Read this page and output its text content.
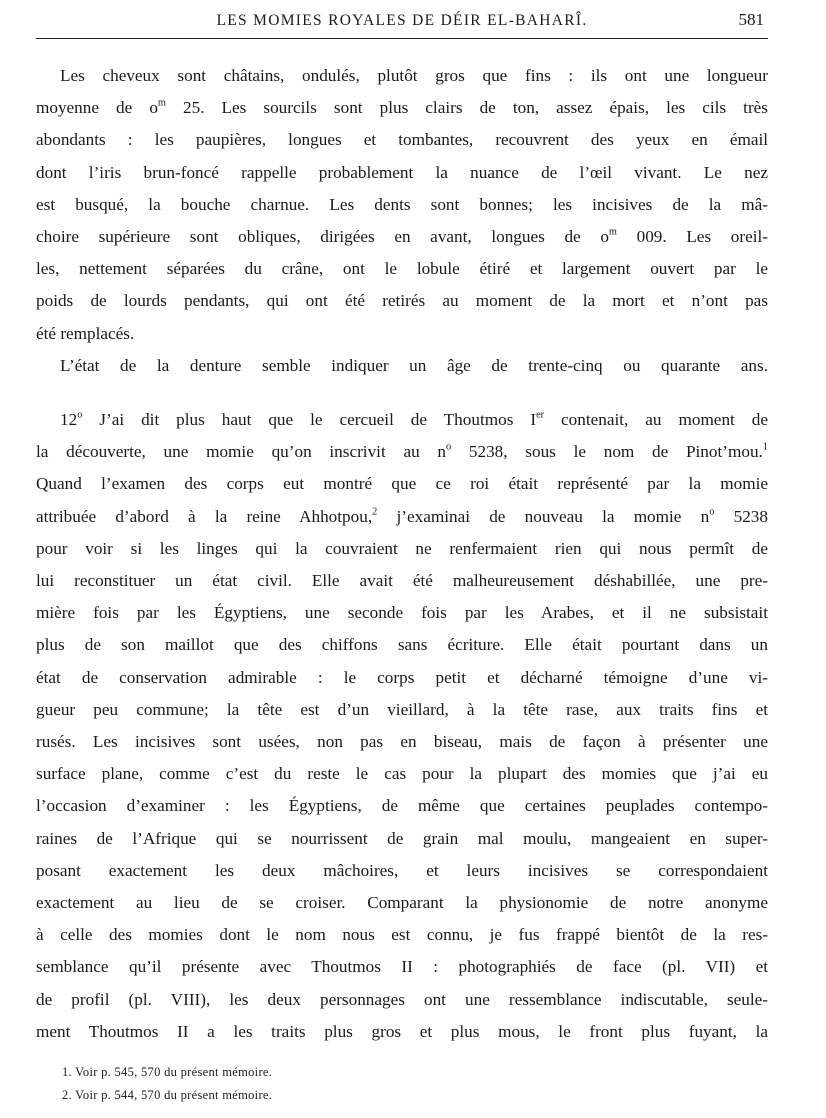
LES MOMIES ROYALES DE DÉIR EL-BAHARÎ.	581

Les cheveux sont châtains, ondulés, plutôt gros que fins : ils ont une longueur

moyenne de $o^m$ 25. Les sourcils sont plus clairs de ton, assez épais, les cils très

abondants : les paupières, longues et tombantes, recouvrent des yeux en émail

dont l’iris brun-foncé rappelle probablement la nuance de l’œil vivant. Le nez

est busqué, la bouche charnue. Les dents sont bonnes; les incisives de la mâ-

choire supérieure sont obliques, dirigées en avant, longues de $o^m$ 009. Les oreil-

les, nettement séparées du crâne, ont le lobule étiré et largement ouvert par le

poids de lourds pendants, qui ont été retirés au moment de la mort et n’ont pas

été remplacés.

L’état de la denture semble indiquer un âge de trente-cinq ou quarante ans.

12$^o$ J’ai dit plus haut que le cercueil de Thoutmos Ier contenait, au moment de

la découverte, une momie qu’on inscrivit au $n^o$ 5238, sous le nom de Pinot’mou.$^1$

Quand l’examen des corps eut montré que ce roi était représenté par la momie

attribuée d’abord à la reine Ahhotpou,$^2$ j’examinai de nouveau la momie $n^o$ 5238

pour voir si les linges qui la couvraient ne renfermaient rien qui nous permît de

lui reconstituer un état civil. Elle avait été malheureusement déshabillée, une pre-

mière fois par les Égyptiens, une seconde fois par les Arabes, et il ne subsistait

plus de son maillot que des chiffons sans écriture. Elle était pourtant dans un

état de conservation admirable : le corps petit et décharné témoigne d’une vi-

gueur peu commune; la tête est d’un vieillard, à la tête rase, aux traits fins et

rusés. Les incisives sont usées, non pas en biseau, mais de façon à présenter une

surface plane, comme c’est du reste le cas pour la plupart des momies que j’ai eu

l’occasion d’examiner : les Égyptiens, de même que certaines peuplades contempo-

raines de l’Afrique qui se nourrissent de grain mal moulu, mangeaient en super-

posant exactement les deux mâchoires, et leurs incisives se correspondaient

exactement au lieu de se croiser. Comparant la physionomie de notre anonyme

à celle des momies dont le nom nous est connu, je fus frappé bientôt de la res-

semblance qu’il présente avec Thoutmos II : photographiés de face (pl. VII) et

de profil (pl. VIII), les deux personnages ont une ressemblance indiscutable, seule-

ment Thoutmos II a les traits plus gros et plus mous, le front plus fuyant, la

1. Voir p. 545, 570 du présent mémoire.
2. Voir p. 544, 570 du présent mémoire.
